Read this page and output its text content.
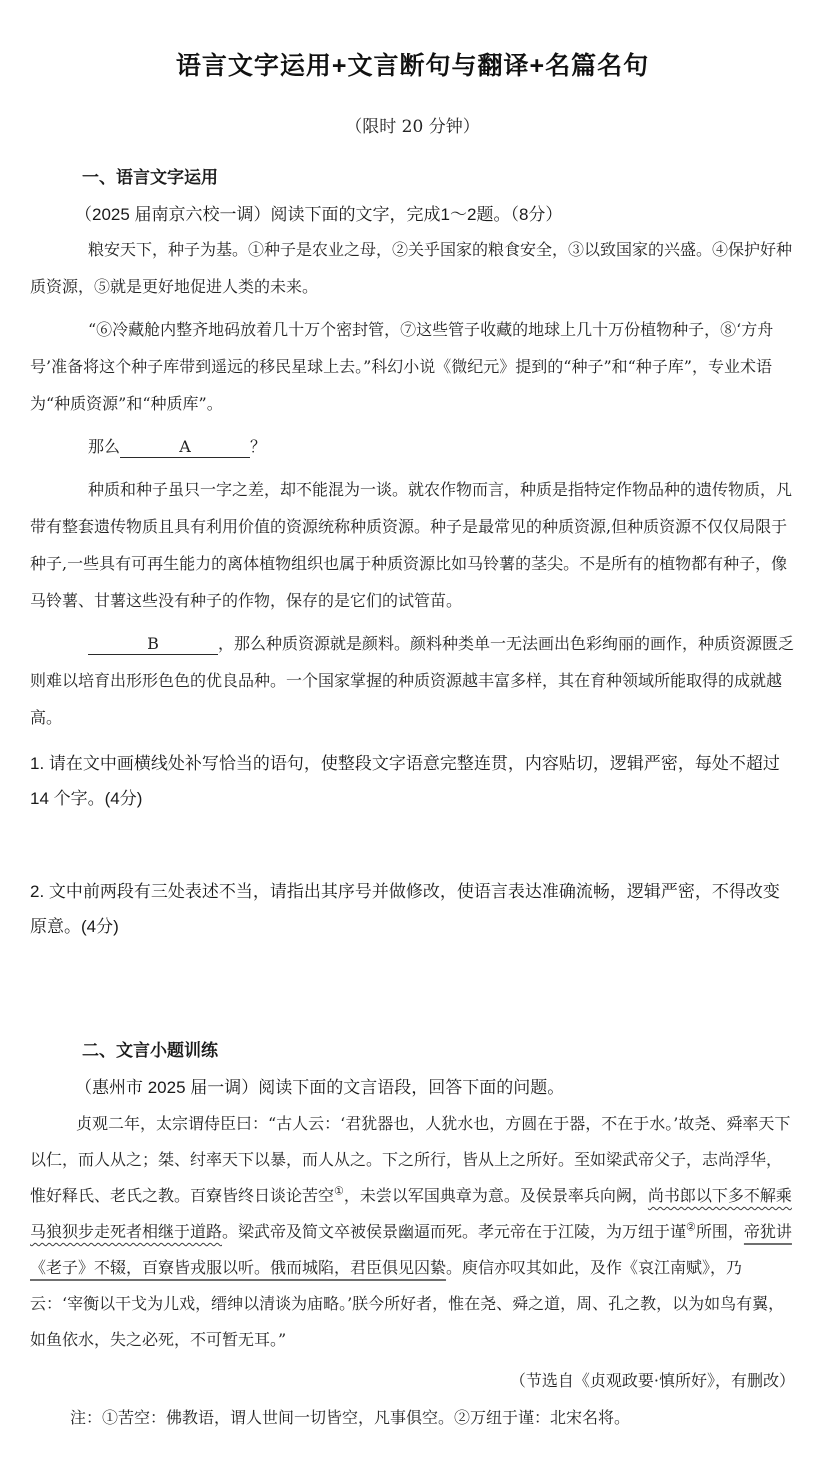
语言文字运用+文言断句与翻译+名篇名句
（限时 20 分钟）
一、语言文字运用
（2025 届南京六校一调）阅读下面的文字，完成1～2题。（8分）

粮安天下，种子为基。①种子是农业之母，②关乎国家的粮食安全，③以致国家的兴盛。④保护好种质资源，⑤就是更好地促进人类的未来。

“⑥冷藏舱内整齐地码放着几十万个密封管，⑦这些管子收藏的地球上几十万份植物种子，⑧‘方舟号’准备将这个种子库带到遥远的移民星球上去。”科幻小说《微纪元》提到的“种子”和“种子库”，专业术语为“种质资源”和“种质库”。

那么	A	？

种质和种子虽只一字之差，却不能混为一谈。就农作物而言，种质是指特定作物品种的遗传物质，凡带有整套遗传物质且具有利用价值的资源统称种质资源。种子是最常见的种质资源,但种质资源不仅仅局限于种子,一些具有可再生能力的离体植物组织也属于种质资源比如马铃薯的茎尖。不是所有的植物都有种子，像马铃薯、甘薯这些没有种子的作物，保存的是它们的试管苗。

B	，那么种质资源就是颜料。颜料种类单一无法画出色彩绚丽的画作，种质资源匮乏则难以培育出形形色色的优良品种。一个国家掌握的种质资源越丰富多样，其在育种领域所能取得的成就越高。

1. 请在文中画横线处补写恰当的语句，使整段文字语意完整连贯，内容贴切，逻辑严密，每处不超过 14 个字。(4分)

2. 文中前两段有三处表述不当，请指出其序号并做修改，使语言表达准确流畅，逻辑严密，不得改变原意。(4分)

二、文言小题训练
（惠州市 2025 届一调）阅读下面的文言语段，回答下面的问题。

贞观二年，太宗谓侍臣曰：“古人云：‘君犹器也，人犹水也，方圆在于器，不在于水。’故尧、舜率天下以仁，而人从之；桀、纣率天下以暴，而人从之。下之所行，皆从上之所好。至如梁武帝父子，志尚浮华，惟好释氏、老氏之教。百寮皆终日谈论苦空①，未尝以军国典章为意。及侯景率兵向阙，尚书郎以下多不解乘马狼狈步走死者相继于道路。梁武帝及简文卒被侯景幽逼而死。孝元帝在于江陵，为万纽于谨②所围，帝犹讲《老子》不辍，百寮皆戎服以听。俄而城陷，君臣俱见囚絷。庾信亦叹其如此，及作《哀江南赋》，乃云：‘宰衡以干戈为儿戏，缙绅以清谈为庙略。’朕今所好者，惟在尧、舜之道，周、孔之教，以为如鸟有翼，如鱼依水，失之必死，不可暂无耳。”

（节选自《贞观政要·慎所好》，有删改）

注：①苦空：佛教语，谓人世间一切皆空，凡事俱空。②万纽于谨：北宋名将。
